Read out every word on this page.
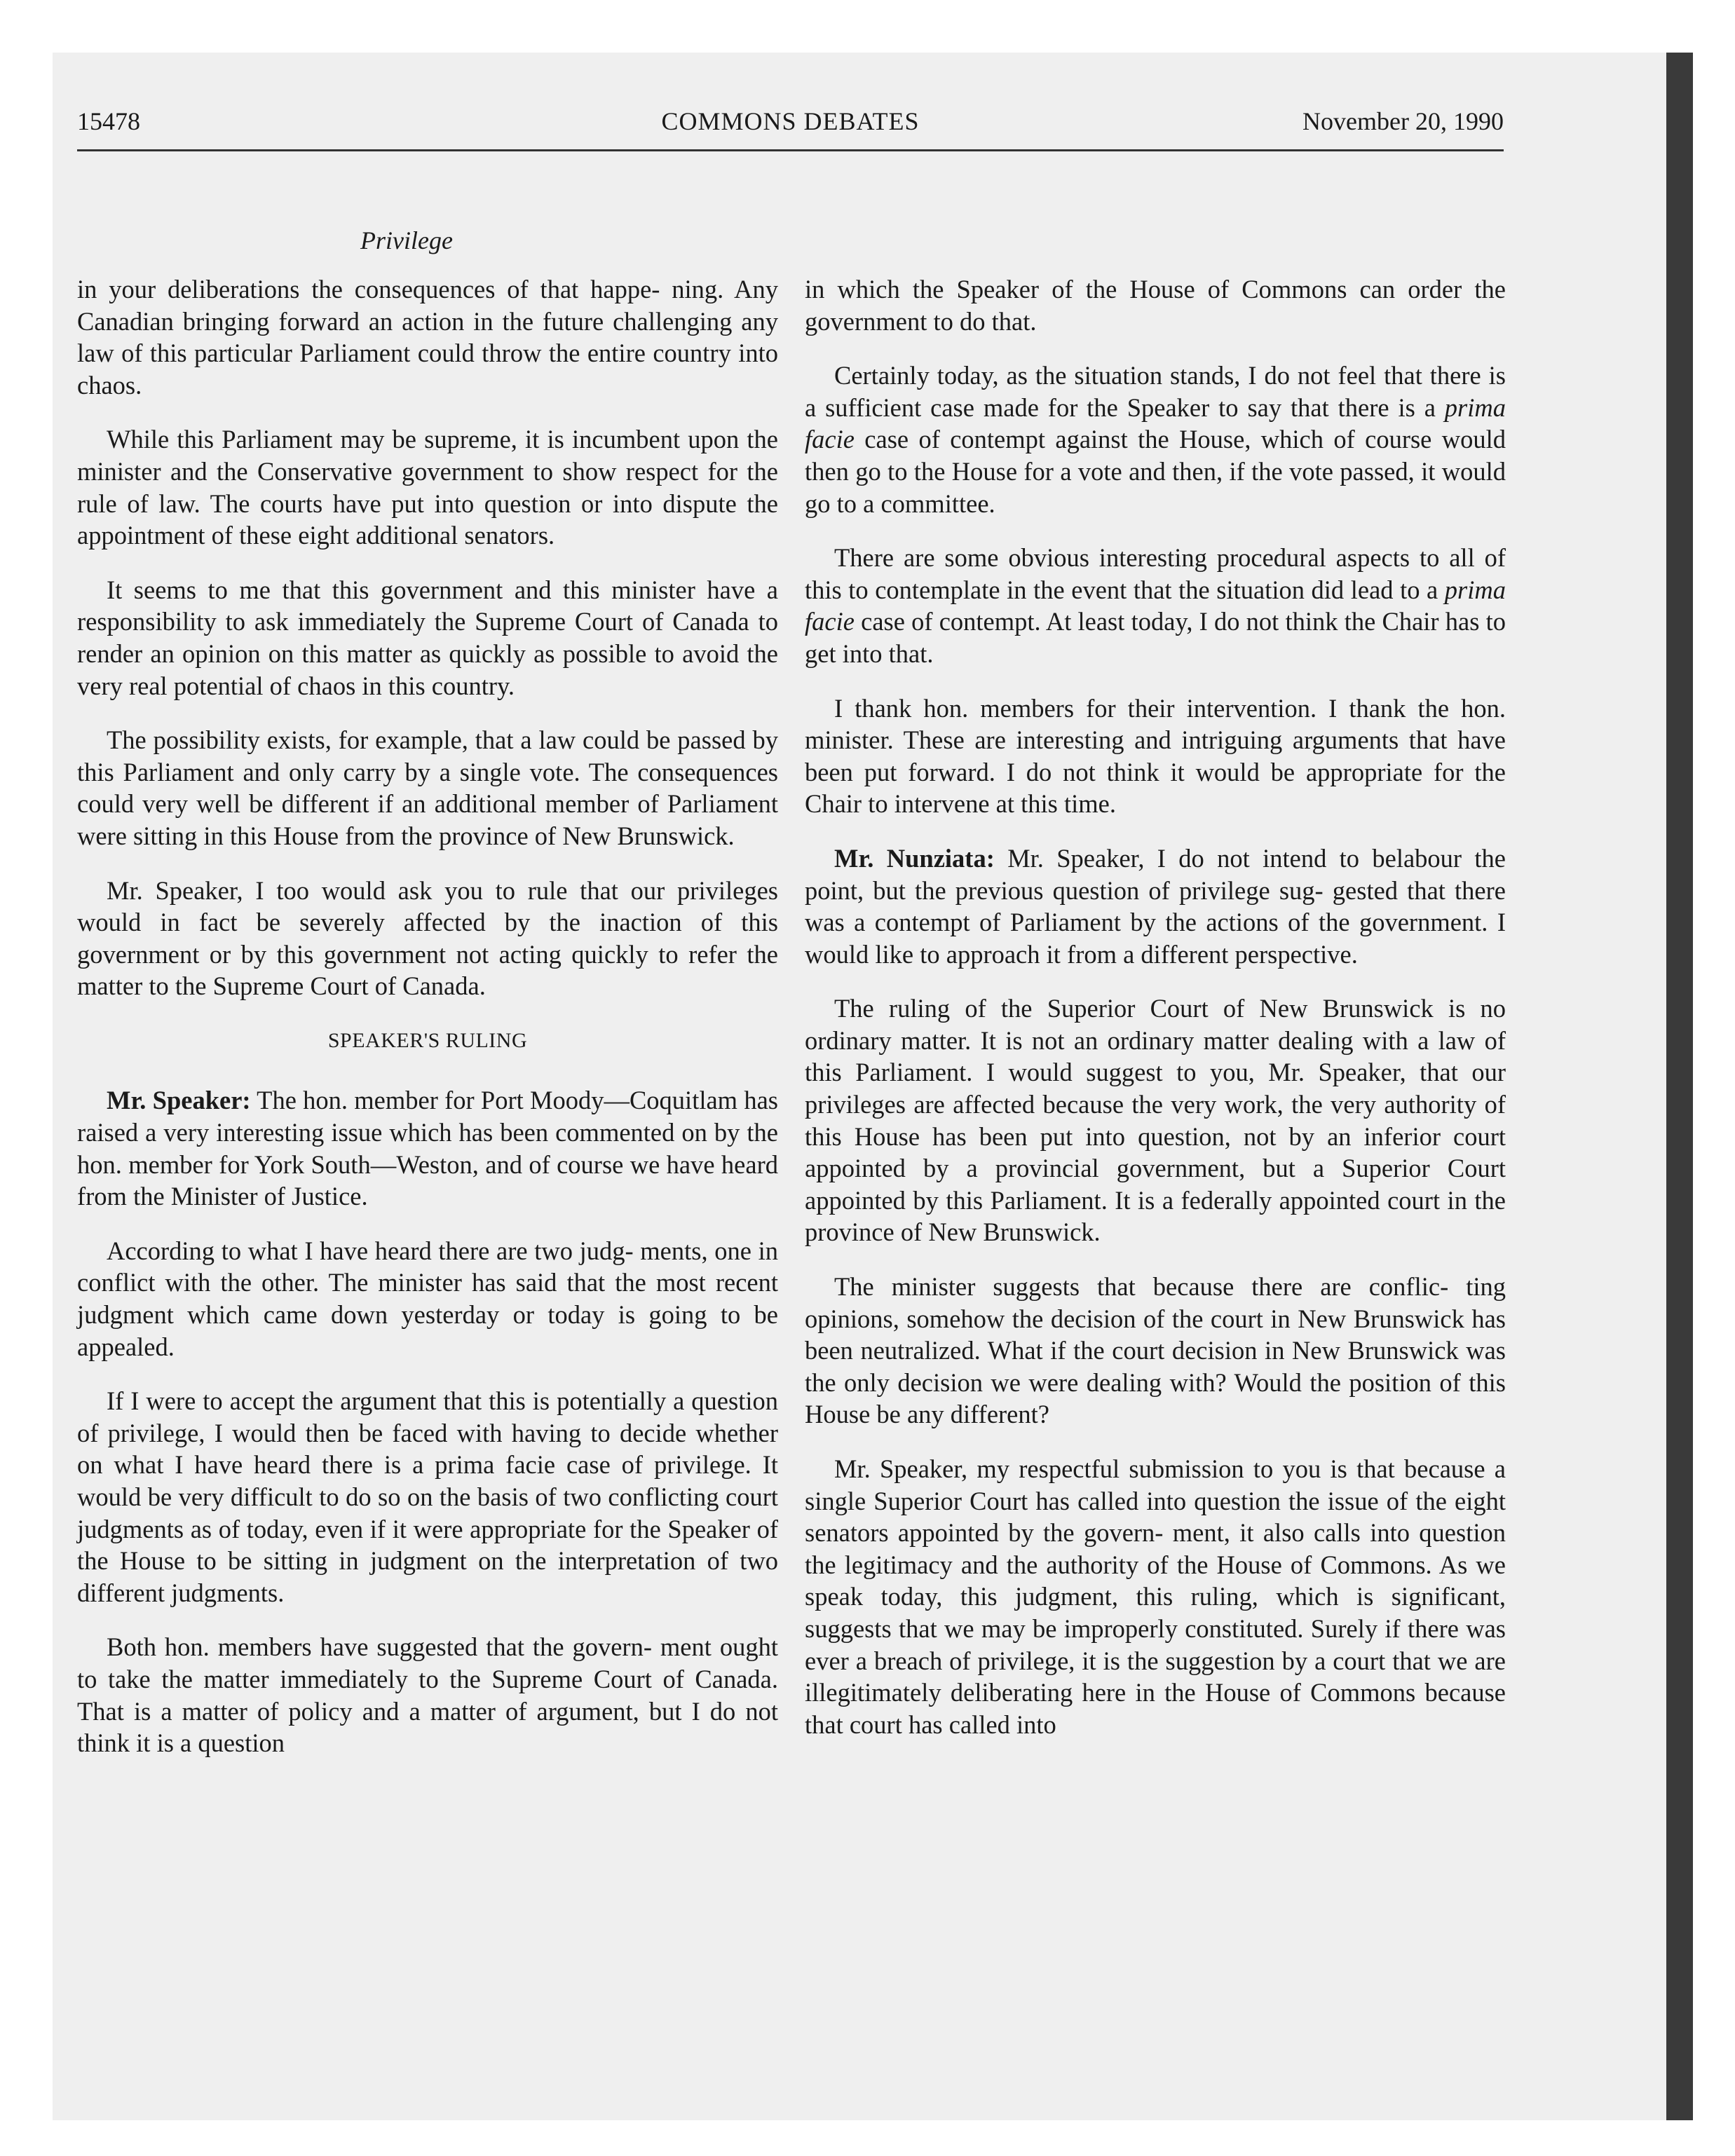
15478	COMMONS DEBATES	November 20, 1990
Privilege

in your deliberations the consequences of that happe- ning. Any Canadian bringing forward an action in the future challenging any law of this particular Parliament could throw the entire country into chaos.

While this Parliament may be supreme, it is incumbent upon the minister and the Conservative government to show respect for the rule of law. The courts have put into question or into dispute the appointment of these eight additional senators.

It seems to me that this government and this minister have a responsibility to ask immediately the Supreme Court of Canada to render an opinion on this matter as quickly as possible to avoid the very real potential of chaos in this country.

The possibility exists, for example, that a law could be passed by this Parliament and only carry by a single vote. The consequences could very well be different if an additional member of Parliament were sitting in this House from the province of New Brunswick.

Mr. Speaker, I too would ask you to rule that our privileges would in fact be severely affected by the inaction of this government or by this government not acting quickly to refer the matter to the Supreme Court of Canada.

SPEAKER'S RULING

Mr. Speaker: The hon. member for Port Moody—Coquitlam has raised a very interesting issue which has been commented on by the hon. member for York South—Weston, and of course we have heard from the Minister of Justice.

According to what I have heard there are two judg- ments, one in conflict with the other. The minister has said that the most recent judgment which came down yesterday or today is going to be appealed.

If I were to accept the argument that this is potentially a question of privilege, I would then be faced with having to decide whether on what I have heard there is a prima facie case of privilege. It would be very difficult to do so on the basis of two conflicting court judgments as of today, even if it were appropriate for the Speaker of the House to be sitting in judgment on the interpretation of two different judgments.

Both hon. members have suggested that the govern- ment ought to take the matter immediately to the Supreme Court of Canada. That is a matter of policy and a matter of argument, but I do not think it is a question

in which the Speaker of the House of Commons can order the government to do that.

Certainly today, as the situation stands, I do not feel that there is a sufficient case made for the Speaker to say that there is a prima facie case of contempt against the House, which of course would then go to the House for a vote and then, if the vote passed, it would go to a committee.

There are some obvious interesting procedural aspects to all of this to contemplate in the event that the situation did lead to a prima facie case of contempt. At least today, I do not think the Chair has to get into that.

I thank hon. members for their intervention. I thank the hon. minister. These are interesting and intriguing arguments that have been put forward. I do not think it would be appropriate for the Chair to intervene at this time.

Mr. Nunziata: Mr. Speaker, I do not intend to belabour the point, but the previous question of privilege sug- gested that there was a contempt of Parliament by the actions of the government. I would like to approach it from a different perspective.

The ruling of the Superior Court of New Brunswick is no ordinary matter. It is not an ordinary matter dealing with a law of this Parliament. I would suggest to you, Mr. Speaker, that our privileges are affected because the very work, the very authority of this House has been put into question, not by an inferior court appointed by a provincial government, but a Superior Court appointed by this Parliament. It is a federally appointed court in the province of New Brunswick.

The minister suggests that because there are conflic- ting opinions, somehow the decision of the court in New Brunswick has been neutralized. What if the court decision in New Brunswick was the only decision we were dealing with? Would the position of this House be any different?

Mr. Speaker, my respectful submission to you is that because a single Superior Court has called into question the issue of the eight senators appointed by the govern- ment, it also calls into question the legitimacy and the authority of the House of Commons. As we speak today, this judgment, this ruling, which is significant, suggests that we may be improperly constituted. Surely if there was ever a breach of privilege, it is the suggestion by a court that we are illegitimately deliberating here in the House of Commons because that court has called into
